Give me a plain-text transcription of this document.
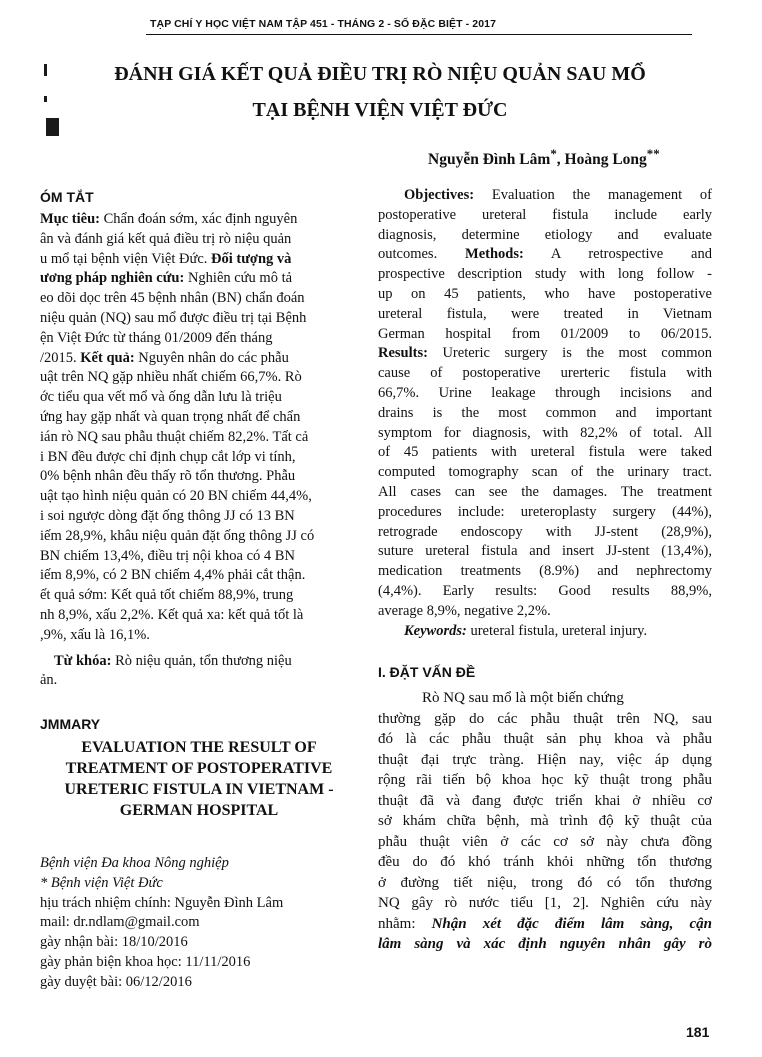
TẠP CHÍ Y HỌC VIỆT NAM TẬP 451 - THÁNG 2 - SỐ ĐẶC BIỆT - 2017
ĐÁNH GIÁ KẾT QUẢ ĐIỀU TRỊ RÒ NIỆU QUẢN SAU MỔ
TẠI BỆNH VIỆN VIỆT ĐỨC
Nguyễn Đình Lâm*, Hoàng Long**
ÓM TẮT
Mục tiêu: Chẩn đoán sớm, xác định nguyên
ân và đánh giá kết quả điều trị rò niệu quản
u mổ tại bệnh viện Việt Đức. Đối tượng và
ương pháp nghiên cứu: Nghiên cứu mô tả
eo dõi dọc trên 45 bệnh nhân (BN) chẩn đoán
niệu quản (NQ) sau mổ được điều trị tại Bệnh
ện Việt Đức từ tháng 01/2009 đến tháng
/2015. Kết quả: Nguyên nhân do các phẫu
uật trên NQ gặp nhiều nhất chiếm 66,7%. Rò
ớc tiểu qua vết mổ và ống dẫn lưu là triệu
ứng hay gặp nhất và quan trọng nhất để chẩn
ián rò NQ sau phẫu thuật chiếm 82,2%. Tất cả
i BN đều được chỉ định chụp cắt lớp vi tính,
0% bệnh nhân đều thấy rõ tổn thương. Phẫu
uật tạo hình niệu quản có 20 BN chiếm 44,4%,
i soi ngược dòng đặt ống thông JJ có 13 BN
iếm 28,9%, khâu niệu quản đặt ống thông JJ có
BN chiếm 13,4%, điều trị nội khoa có 4 BN
iếm 8,9%, có 2 BN chiếm 4,4% phải cắt thận.
ết quả sớm: Kết quả tốt chiếm 88,9%, trung
nh 8,9%, xấu 2,2%. Kết quả xa: kết quả tốt là
,9%, xấu là 16,1%.
Từ khóa: Rò niệu quản, tổn thương niệu
ản.
JMMARY
EVALUATION THE RESULT OF
TREATMENT OF POSTOPERATIVE
URETERIC FISTULA IN VIETNAM -
GERMAN HOSPITAL
Bệnh viện Đa khoa Nông nghiệp
* Bệnh viện Việt Đức
hịu trách nhiệm chính: Nguyễn Đình Lâm
mail: dr.ndlam@gmail.com
gày nhận bài: 18/10/2016
gày phản biện khoa học: 11/11/2016
gày duyệt bài: 06/12/2016
Objectives: Evaluation the management of
postoperative ureteral fistula include early
diagnosis, determine etiology and evaluate
outcomes. Methods: A retrospective and
prospective description study with long follow -
up on 45 patients, who have postoperative
ureteral fistula, were treated in Vietnam
German hospital from 01/2009 to 06/2015.
Results: Ureteric surgery is the most common
cause of postoperative urerteric fistula with
66,7%. Urine leakage through incisions and
drains is the most common and important
symptom for diagnosis, with 82,2% of total. All
of 45 patients with ureteral fistula were taked
computed tomography scan of the urinary tract.
All cases can see the damages. The treatment
procedures include: ureteroplasty surgery (44%),
retrograde endoscopy with JJ-stent (28,9%),
suture ureteral fistula and insert JJ-stent (13,4%),
medication treatments (8.9%) and nephrectomy
(4,4%). Early results: Good results 88,9%,
average 8,9%, negative 2,2%.
Keywords: ureteral fistula, ureteral injury.
I. ĐẶT VẤN ĐỀ
Rò NQ sau mổ là một biến chứng
thường gặp do các phẫu thuật trên NQ, sau
đó là các phẫu thuật sản phụ khoa và phẫu
thuật đại trực tràng. Hiện nay, việc áp dụng
rộng rãi tiến bộ khoa học kỹ thuật trong phẫu
thuật đã và đang được triển khai ở nhiều cơ
sở khám chữa bệnh, mà trình độ kỹ thuật của
phẫu thuật viên ở các cơ sở này chưa đồng
đều do đó khó tránh khỏi những tổn thương
ở đường tiết niệu, trong đó có tổn thương
NQ gây rò nước tiểu [1, 2]. Nghiên cứu này
nhằm: Nhận xét đặc điểm lâm sàng, cận
lâm sàng và xác định nguyên nhân gây rò
181
